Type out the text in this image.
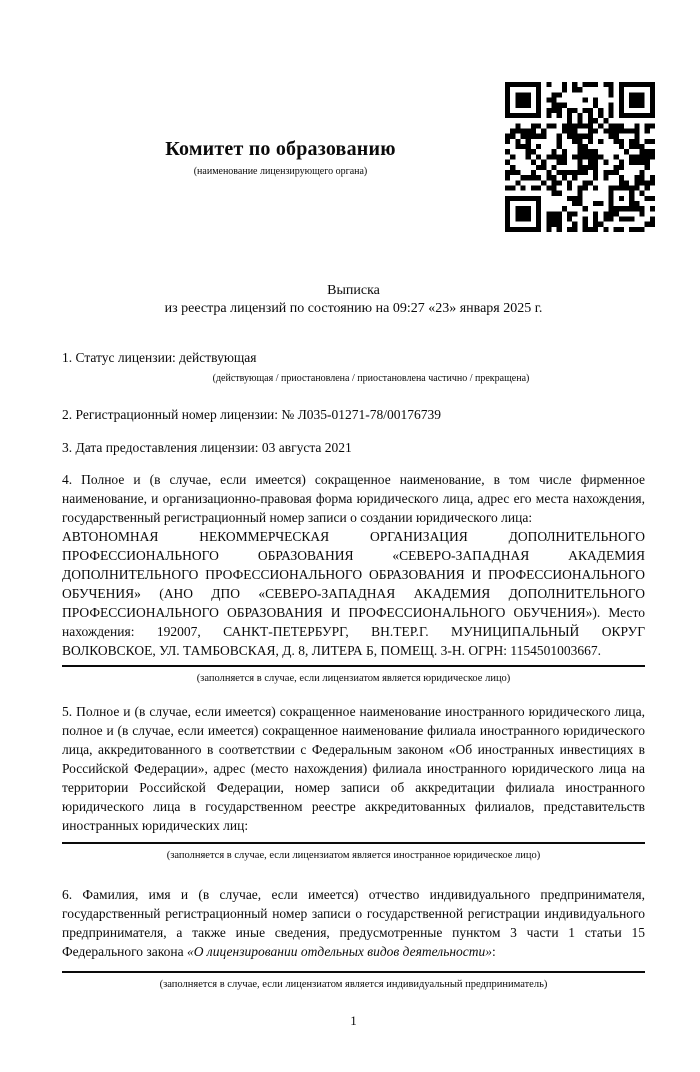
Комитет по образованию
(наименование лицензирующего органа)
Выписка
из реестра лицензий по состоянию на 09:27 «23» января 2025 г.
1. Статус лицензии: действующая
(действующая / приостановлена / приостановлена частично / прекращена)
2. Регистрационный номер лицензии: № Л035-01271-78/00176739
3. Дата предоставления лицензии: 03 августа 2021
4. Полное и (в случае, если имеется) сокращенное наименование, в том числе фирменное наименование, и организационно-правовая форма юридического лица, адрес его места нахождения, государственный регистрационный номер записи о создании юридического лица:
АВТОНОМНАЯ НЕКОММЕРЧЕСКАЯ ОРГАНИЗАЦИЯ ДОПОЛНИТЕЛЬНОГО ПРОФЕССИОНАЛЬНОГО ОБРАЗОВАНИЯ «СЕВЕРО-ЗАПАДНАЯ АКАДЕМИЯ ДОПОЛНИТЕЛЬНОГО ПРОФЕССИОНАЛЬНОГО ОБРАЗОВАНИЯ И ПРОФЕССИОНАЛЬНОГО ОБУЧЕНИЯ» (АНО ДПО «СЕВЕРО-ЗАПАДНАЯ АКАДЕМИЯ ДОПОЛНИТЕЛЬНОГО ПРОФЕССИОНАЛЬНОГО ОБРАЗОВАНИЯ И ПРОФЕССИОНАЛЬНОГО ОБУЧЕНИЯ»). Место нахождения: 192007, САНКТ-ПЕТЕРБУРГ, ВН.ТЕР.Г. МУНИЦИПАЛЬНЫЙ ОКРУГ ВОЛКОВСКОЕ, УЛ. ТАМБОВСКАЯ, Д. 8, ЛИТЕРА Б, ПОМЕЩ. 3-Н. ОГРН: 1154501003667.
(заполняется в случае, если лицензиатом является юридическое лицо)
5. Полное и (в случае, если имеется) сокращенное наименование иностранного юридического лица, полное и (в случае, если имеется) сокращенное наименование филиала иностранного юридического лица, аккредитованного в соответствии с Федеральным законом «Об иностранных инвестициях в Российской Федерации», адрес (место нахождения) филиала иностранного юридического лица на территории Российской Федерации, номер записи об аккредитации филиала иностранного юридического лица в государственном реестре аккредитованных филиалов, представительств иностранных юридических лиц:
(заполняется в случае, если лицензиатом является иностранное юридическое лицо)
6. Фамилия, имя и (в случае, если имеется) отчество индивидуального предпринимателя, государственный регистрационный номер записи о государственной регистрации индивидуального предпринимателя, а также иные сведения, предусмотренные пунктом 3 части 1 статьи 15 Федерального закона «О лицензировании отдельных видов деятельности»:
(заполняется в случае, если лицензиатом является индивидуальный предприниматель)
1
